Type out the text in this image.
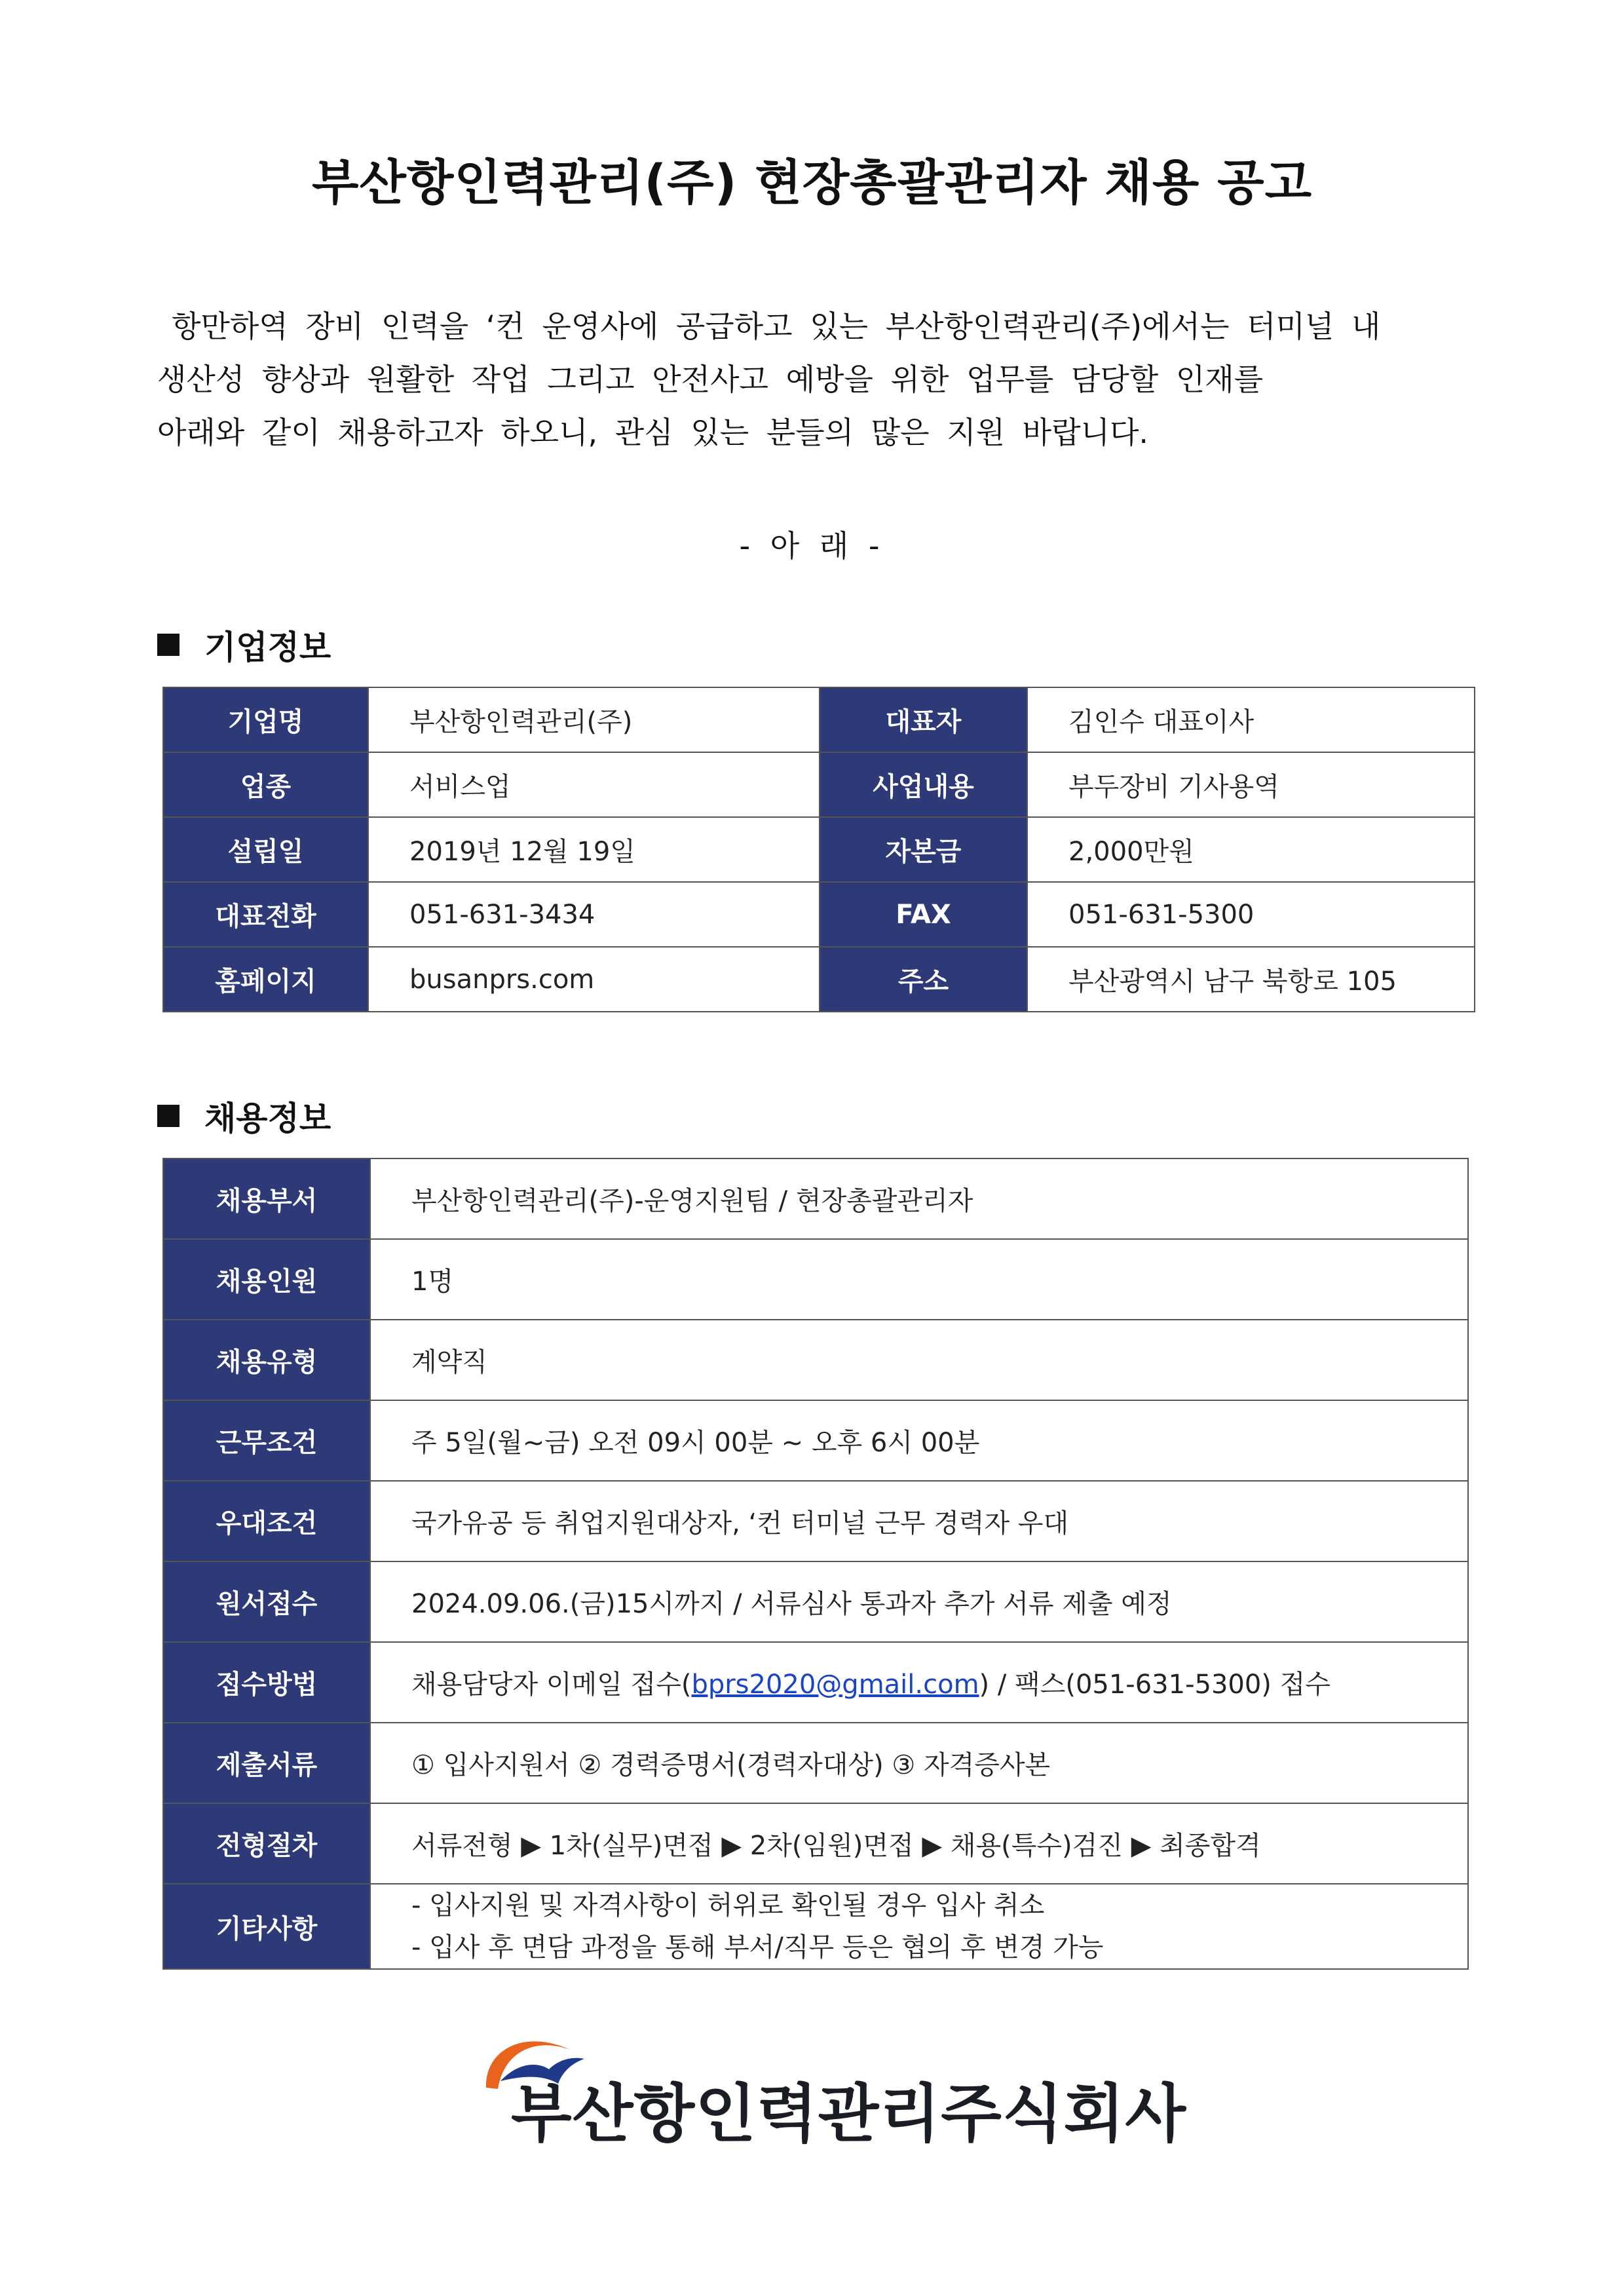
부산항인력관리(주) 현장총괄관리자 채용 공고
항만하역 장비 인력을 ‘컨 운영사에 공급하고 있는 부산항인력관리(주)에서는 터미널 내
생산성 향상과 원활한 작업 그리고 안전사고 예방을 위한 업무를 담당할 인재를
아래와 같이 채용하고자 하오니, 관심 있는 분들의 많은 지원 바랍니다.
- 아 래 -
기업정보
기업명	부산항인력관리(주)	대표자	김인수 대표이사
업종	서비스업	사업내용	부두장비 기사용역
설립일	2019년 12월 19일	자본금	2,000만원
대표전화	051-631-3434	FAX	051-631-5300
홈페이지	busanprs.com	주소	부산광역시 남구 북항로 105
채용정보
채용부서	부산항인력관리(주)-운영지원팀 / 현장총괄관리자
채용인원	1명
채용유형	계약직
근무조건	주 5일(월~금) 오전 09시 00분 ~ 오후 6시 00분
우대조건	국가유공 등 취업지원대상자, ‘컨 터미널 근무 경력자 우대
원서접수	2024.09.06.(금)15시까지 / 서류심사 통과자 추가 서류 제출 예정
접수방법	채용담당자 이메일 접수(bprs2020@gmail.com) / 팩스(051-631-5300) 접수
제출서류	① 입사지원서 ② 경력증명서(경력자대상) ③ 자격증사본
전형절차	서류전형 ▶ 1차(실무)면접 ▶ 2차(임원)면접 ▶ 채용(특수)검진 ▶ 최종합격
기타사항	- 입사지원 및 자격사항이 허위로 확인될 경우 입사 취소
- 입사 후 면담 과정을 통해 부서/직무 등은 협의 후 변경 가능
부산항인력관리주식회사
